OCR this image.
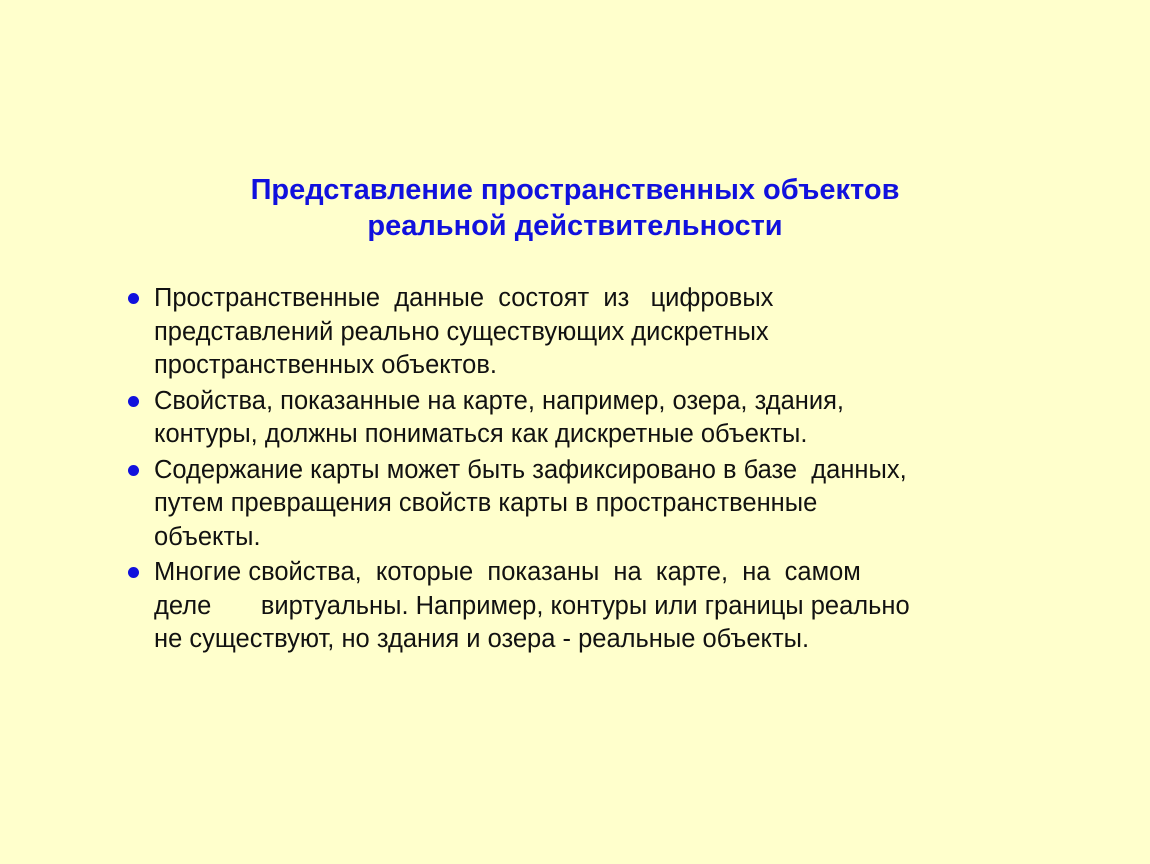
Представление пространственных объектов
реальной действительности
Пространственные  данные  состоят  из   цифровых
представлений реально существующих дискретных
пространственных объектов.
Свойства, показанные на карте, например, озера, здания,
контуры, должны пониматься как дискретные объекты.
Содержание карты может быть зафиксировано в базе  данных,
путем превращения свойств карты в пространственные
объекты.
Многие свойства,  которые  показаны  на  карте,  на  самом
деле       виртуальны. Например, контуры или границы реально
не существуют, но здания и озера - реальные объекты.
